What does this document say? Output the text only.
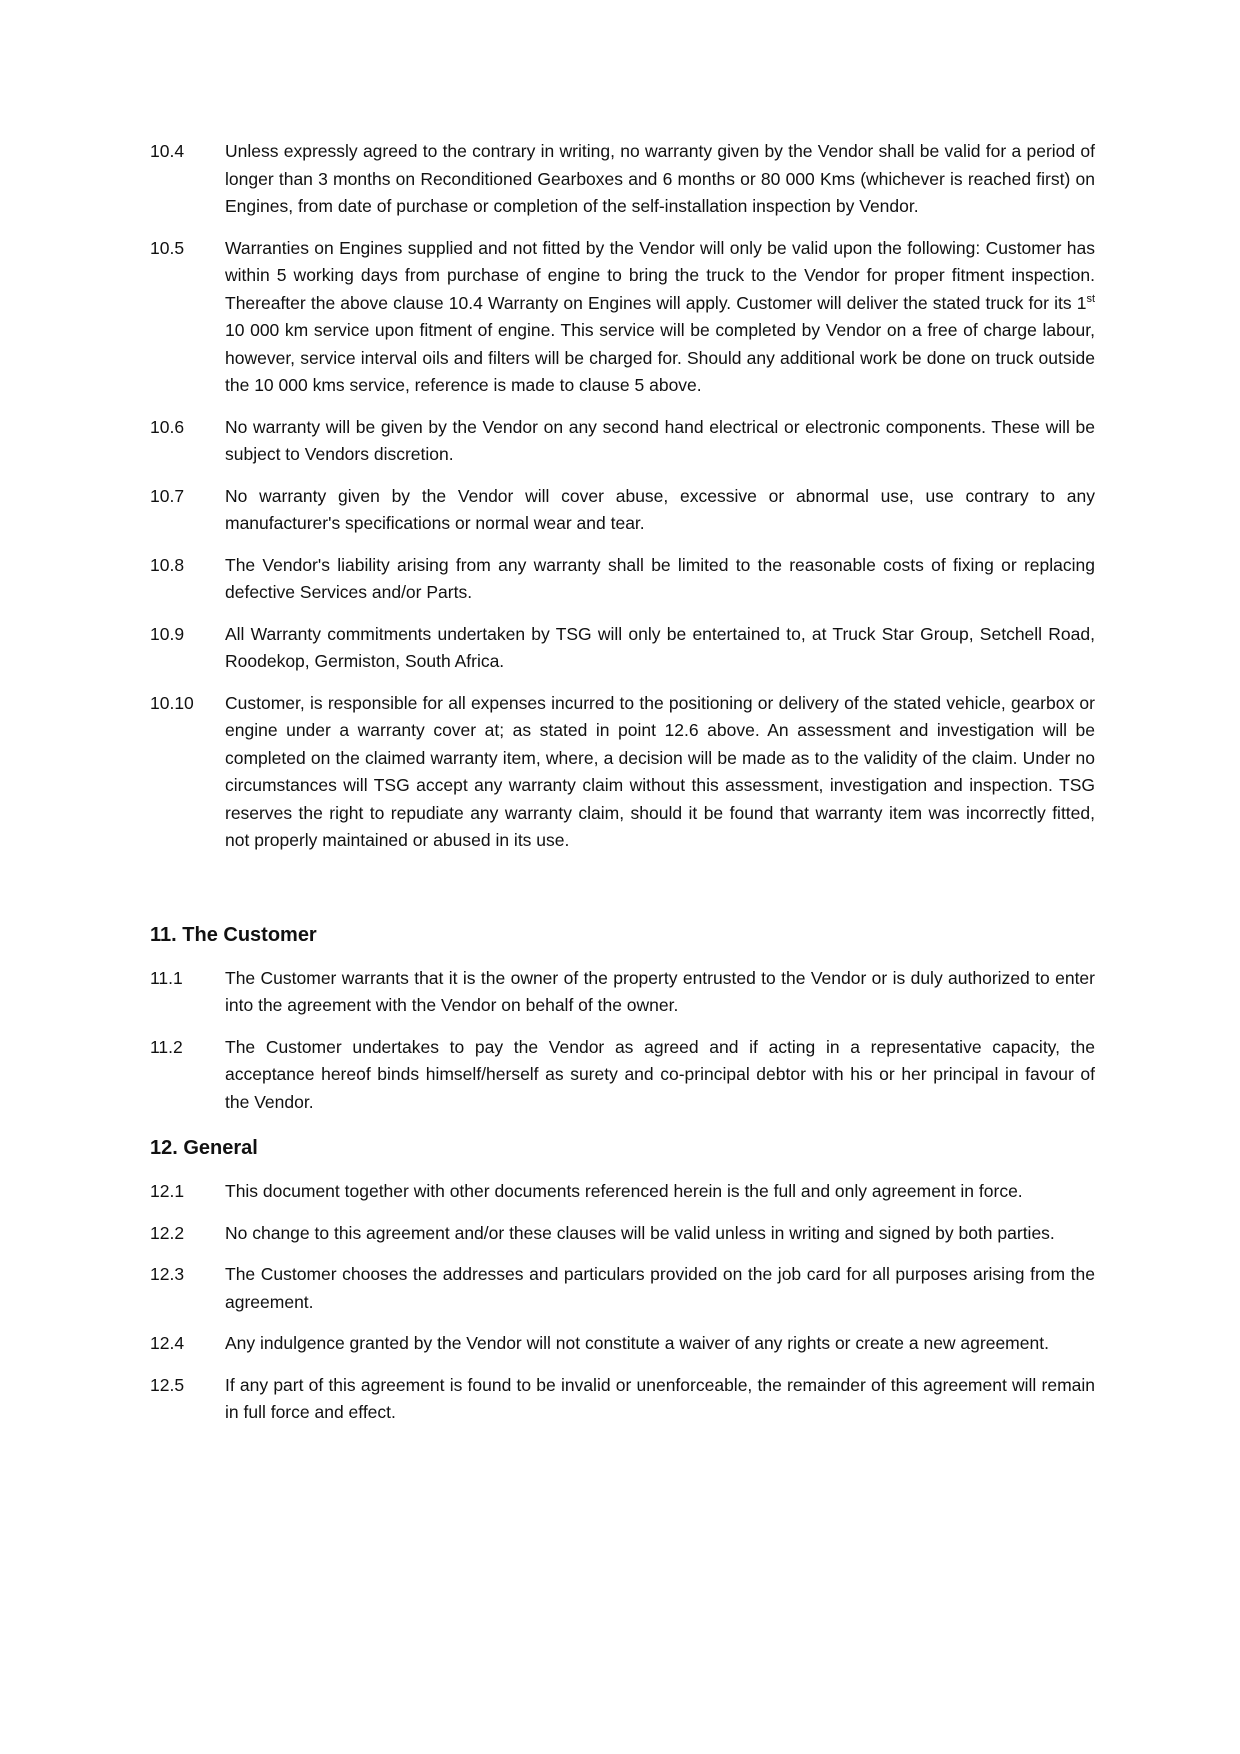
10.4	Unless expressly agreed to the contrary in writing, no warranty given by the Vendor shall be valid for a period of longer than 3 months on Reconditioned Gearboxes and 6 months or 80 000 Kms (whichever is reached first) on Engines, from date of purchase or completion of the self-installation inspection by Vendor.
10.5	Warranties on Engines supplied and not fitted by the Vendor will only be valid upon the following: Customer has within 5 working days from purchase of engine to bring the truck to the Vendor for proper fitment inspection. Thereafter the above clause 10.4 Warranty on Engines will apply. Customer will deliver the stated truck for its 1st 10 000 km service upon fitment of engine. This service will be completed by Vendor on a free of charge labour, however, service interval oils and filters will be charged for. Should any additional work be done on truck outside the 10 000 kms service, reference is made to clause 5 above.
10.6	No warranty will be given by the Vendor on any second hand electrical or electronic components. These will be subject to Vendors discretion.
10.7	No warranty given by the Vendor will cover abuse, excessive or abnormal use, use contrary to any manufacturer's specifications or normal wear and tear.
10.8	The Vendor's liability arising from any warranty shall be limited to the reasonable costs of fixing or replacing defective Services and/or Parts.
10.9	All Warranty commitments undertaken by TSG will only be entertained to, at Truck Star Group, Setchell Road, Roodekop, Germiston, South Africa.
10.10	Customer, is responsible for all expenses incurred to the positioning or delivery of the stated vehicle, gearbox or engine under a warranty cover at; as stated in point 12.6 above. An assessment and investigation will be completed on the claimed warranty item, where, a decision will be made as to the validity of the claim. Under no circumstances will TSG accept any warranty claim without this assessment, investigation and inspection. TSG reserves the right to repudiate any warranty claim, should it be found that warranty item was incorrectly fitted, not properly maintained or abused in its use.
11. The Customer
11.1	The Customer warrants that it is the owner of the property entrusted to the Vendor or is duly authorized to enter into the agreement with the Vendor on behalf of the owner.
11.2	The Customer undertakes to pay the Vendor as agreed and if acting in a representative capacity, the acceptance hereof binds himself/herself as surety and co-principal debtor with his or her principal in favour of the Vendor.
12. General
12.1	This document together with other documents referenced herein is the full and only agreement in force.
12.2	No change to this agreement and/or these clauses will be valid unless in writing and signed by both parties.
12.3	The Customer chooses the addresses and particulars provided on the job card for all purposes arising from the agreement.
12.4	Any indulgence granted by the Vendor will not constitute a waiver of any rights or create a new agreement.
12.5	If any part of this agreement is found to be invalid or unenforceable, the remainder of this agreement will remain in full force and effect.
